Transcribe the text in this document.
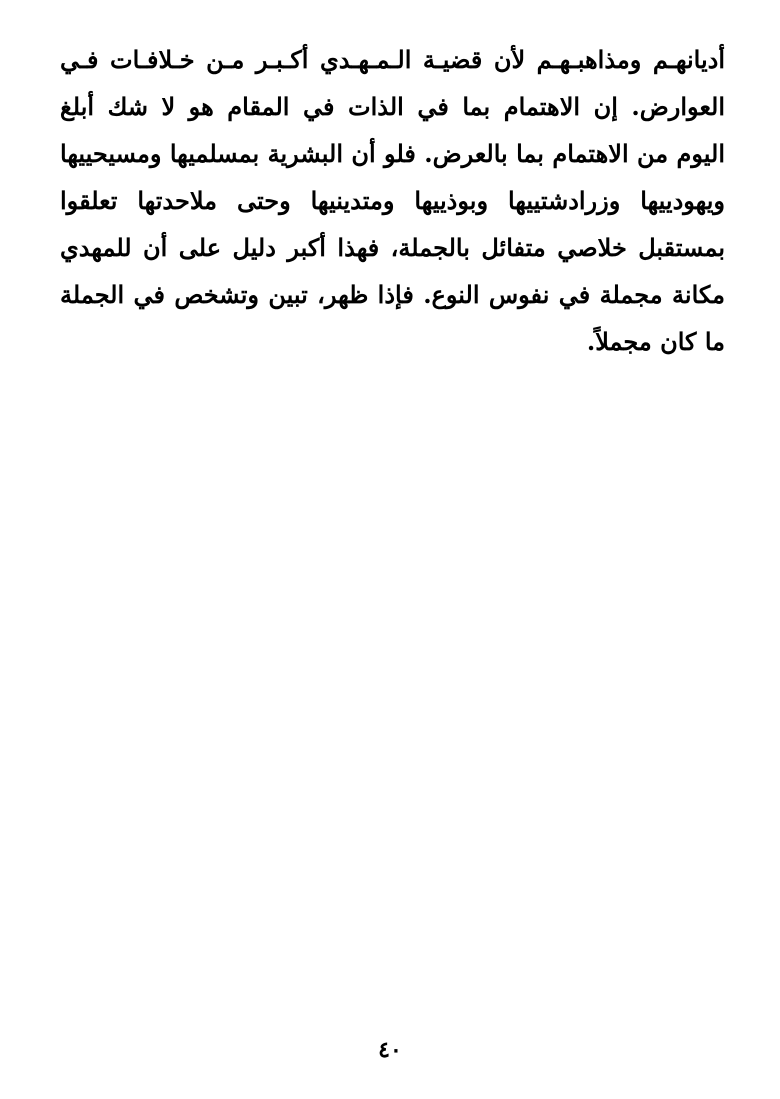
أديانهـم ومذاهبـهـم لأن قضيـة الـمـهـدي أكـبـر مـن خـلافـات فـي
العوارض. إن الاهتمام بما في الذات في المقام هو لا شك أبلغ
اليوم من الاهتمام بما بالعرض. فلو أن البشرية بمسلميها ومسيحييها
ويهودييها وزرادشتييها وبوذييها ومتدينيها وحتى ملاحدتها تعلقوا
بمستقبل خلاصي متفائل بالجملة، فهذا أكبر دليل على أن للمهدي
مكانة مجملة في نفوس النوع. فإذا ظهر، تبين وتشخص في الجملة
ما كان مجملاً.
٤٠
